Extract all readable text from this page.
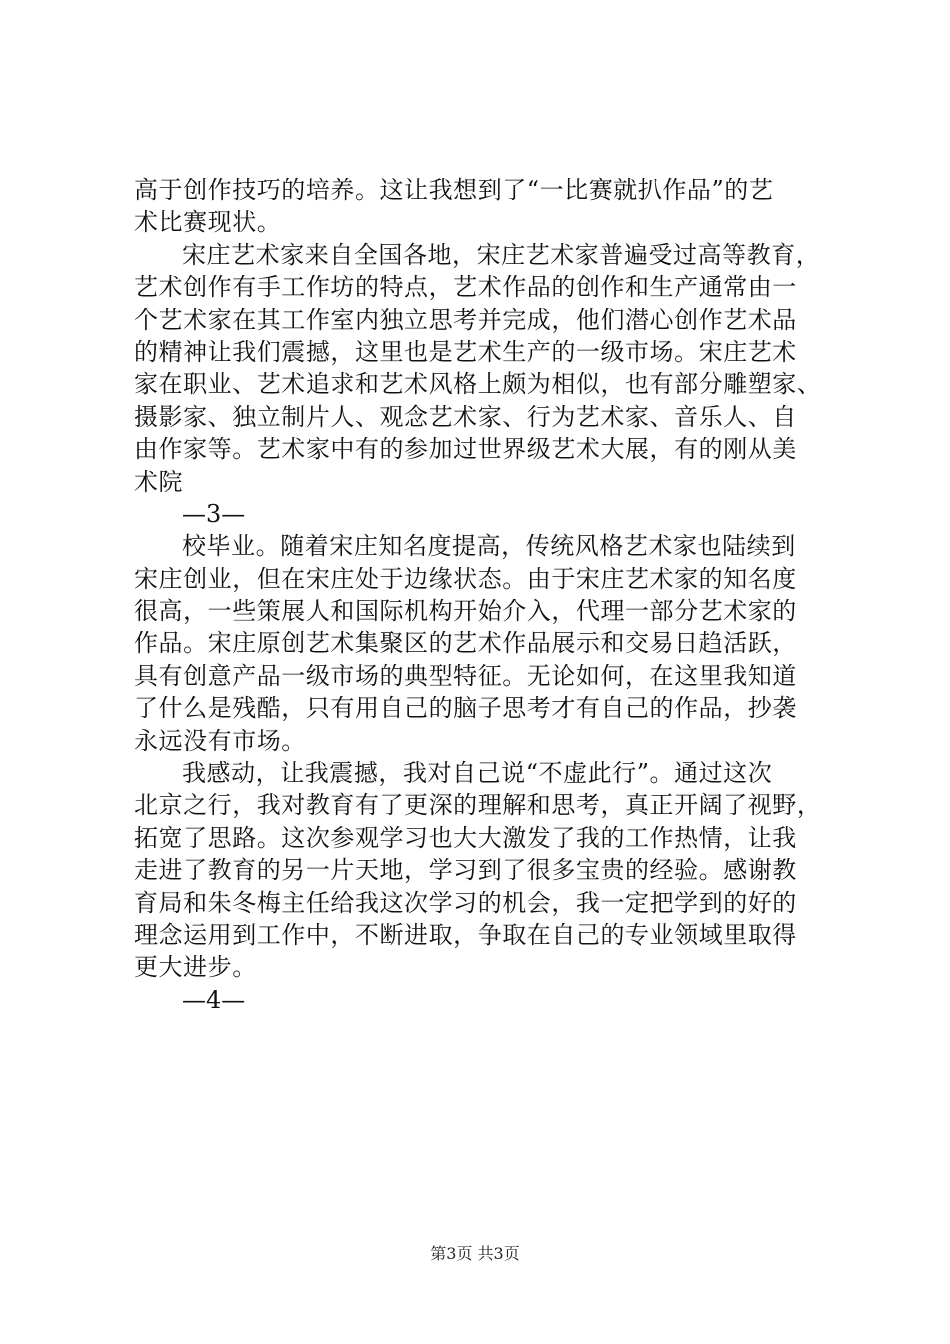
高于创作技巧的培养。这让我想到了“一比赛就扒作品”的艺
术比赛现状。
宋庄艺术家来自全国各地，宋庄艺术家普遍受过高等教育，
艺术创作有手工作坊的特点，艺术作品的创作和生产通常由一
个艺术家在其工作室内独立思考并完成，他们潜心创作艺术品
的精神让我们震撼，这里也是艺术生产的一级市场。宋庄艺术
家在职业、艺术追求和艺术风格上颇为相似，也有部分雕塑家、
摄影家、独立制片人、观念艺术家、行为艺术家、音乐人、自
由作家等。艺术家中有的参加过世界级艺术大展，有的刚从美
术院
—3—
校毕业。随着宋庄知名度提高，传统风格艺术家也陆续到
宋庄创业，但在宋庄处于边缘状态。由于宋庄艺术家的知名度
很高，一些策展人和国际机构开始介入，代理一部分艺术家的
作品。宋庄原创艺术集聚区的艺术作品展示和交易日趋活跃，
具有创意产品一级市场的典型特征。无论如何，在这里我知道
了什么是残酷，只有用自己的脑子思考才有自己的作品，抄袭
永远没有市场。
我感动，让我震撼，我对自己说“不虚此行”。通过这次
北京之行，我对教育有了更深的理解和思考，真正开阔了视野，
拓宽了思路。这次参观学习也大大激发了我的工作热情，让我
走进了教育的另一片天地，学习到了很多宝贵的经验。感谢教
育局和朱冬梅主任给我这次学习的机会，我一定把学到的好的
理念运用到工作中，不断进取，争取在自己的专业领域里取得
更大进步。
—4—
第3页 共3页
